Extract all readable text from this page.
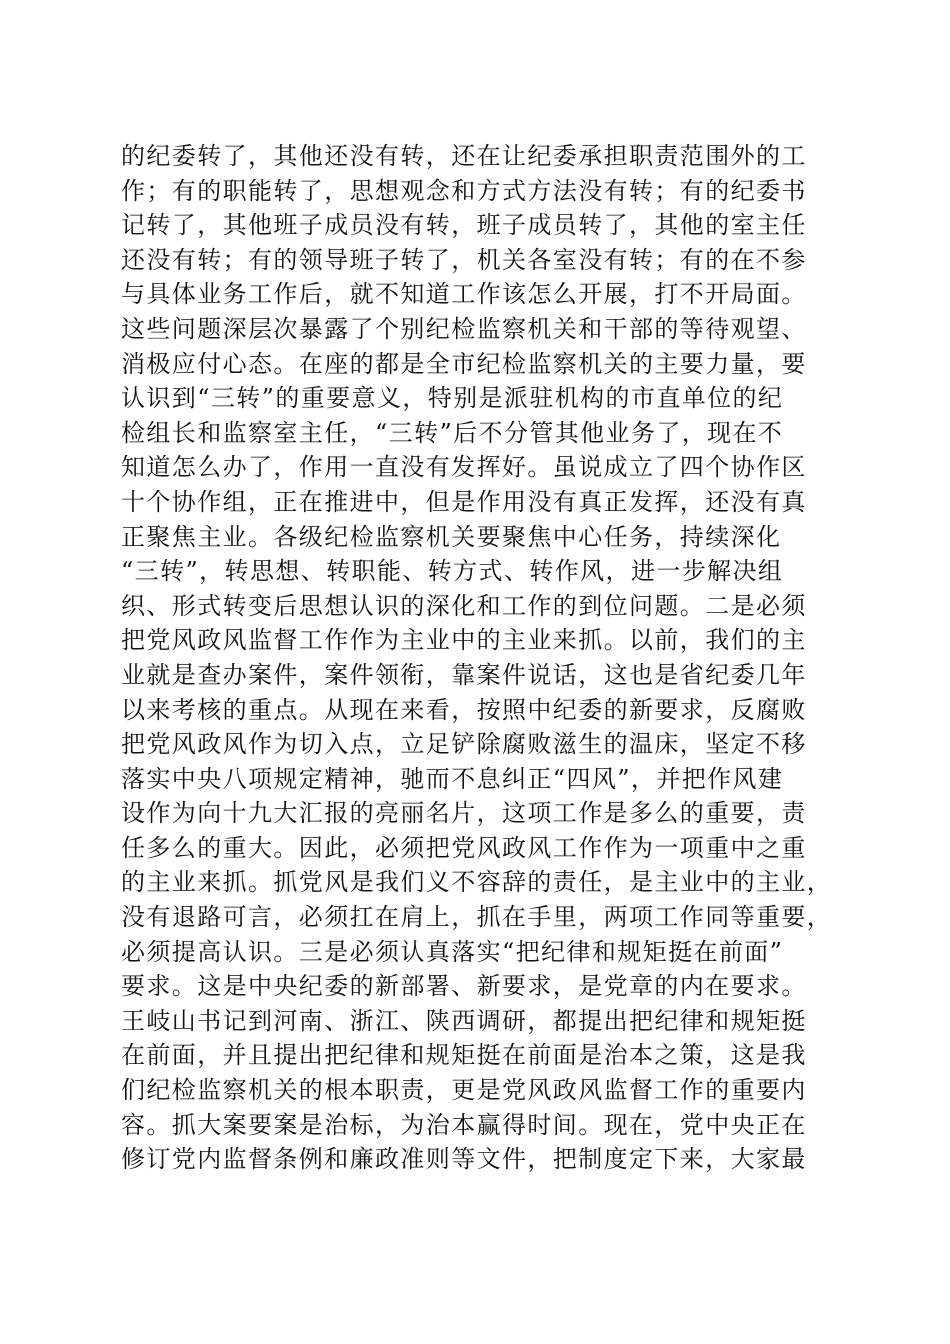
的纪委转了，其他还没有转，还在让纪委承担职责范围外的工
作；有的职能转了，思想观念和方式方法没有转；有的纪委书
记转了，其他班子成员没有转，班子成员转了，其他的室主任
还没有转；有的领导班子转了，机关各室没有转；有的在不参
与具体业务工作后，就不知道工作该怎么开展，打不开局面。
这些问题深层次暴露了个别纪检监察机关和干部的等待观望、
消极应付心态。在座的都是全市纪检监察机关的主要力量，要
认识到“三转”的重要意义，特别是派驻机构的市直单位的纪
检组长和监察室主任，“三转”后不分管其他业务了，现在不
知道怎么办了，作用一直没有发挥好。虽说成立了四个协作区
十个协作组，正在推进中，但是作用没有真正发挥，还没有真
正聚焦主业。各级纪检监察机关要聚焦中心任务，持续深化
“三转”，转思想、转职能、转方式、转作风，进一步解决组
织、形式转变后思想认识的深化和工作的到位问题。二是必须
把党风政风监督工作作为主业中的主业来抓。以前，我们的主
业就是查办案件，案件领衔，靠案件说话，这也是省纪委几年
以来考核的重点。从现在来看，按照中纪委的新要求，反腐败
把党风政风作为切入点，立足铲除腐败滋生的温床，坚定不移
落实中央八项规定精神，驰而不息纠正“四风”，并把作风建
设作为向十九大汇报的亮丽名片，这项工作是多么的重要，责
任多么的重大。因此，必须把党风政风工作作为一项重中之重
的主业来抓。抓党风是我们义不容辞的责任，是主业中的主业，
没有退路可言，必须扛在肩上，抓在手里，两项工作同等重要，
必须提高认识。三是必须认真落实“把纪律和规矩挺在前面”
要求。这是中央纪委的新部署、新要求，是党章的内在要求。
王岐山书记到河南、浙江、陕西调研，都提出把纪律和规矩挺
在前面，并且提出把纪律和规矩挺在前面是治本之策，这是我
们纪检监察机关的根本职责，更是党风政风监督工作的重要内
容。抓大案要案是治标，为治本赢得时间。现在，党中央正在
修订党内监督条例和廉政准则等文件，把制度定下来，大家最
